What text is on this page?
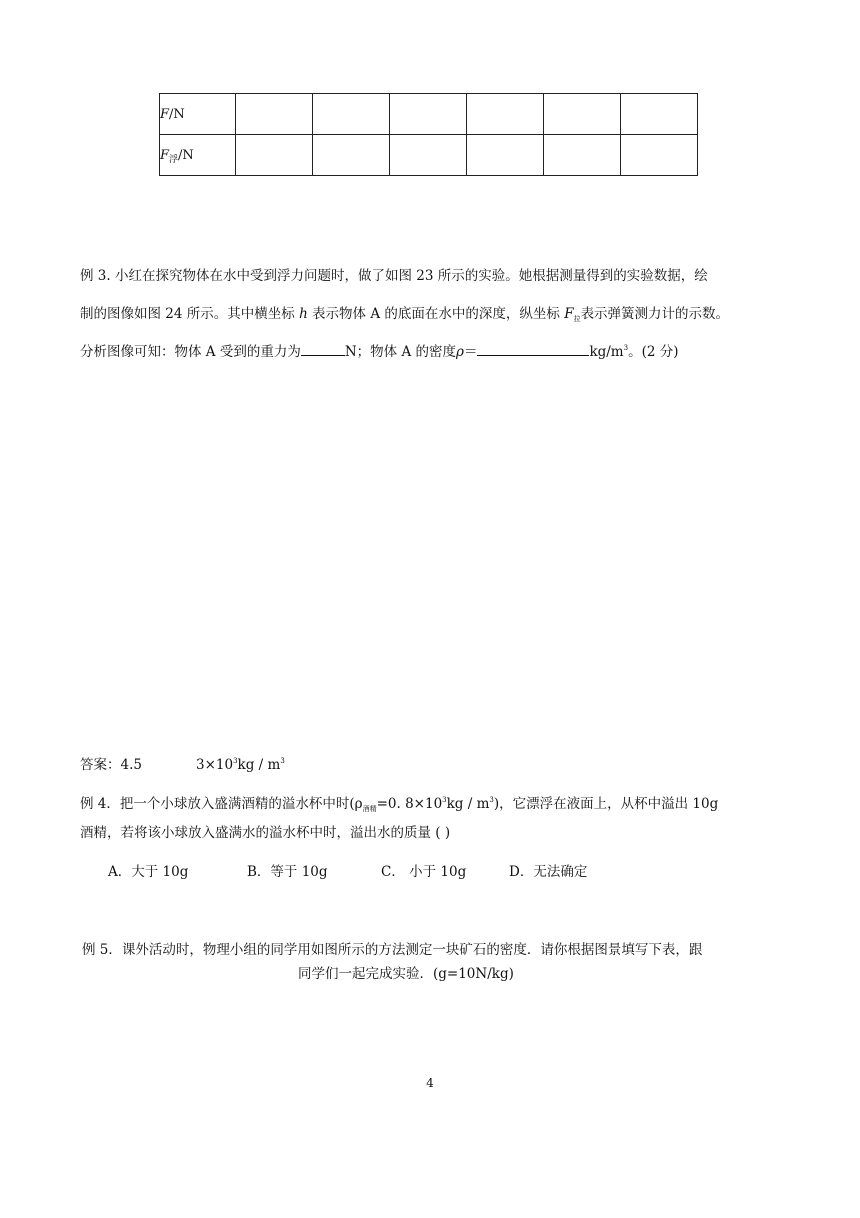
F/N						
$F_浮/N$						
例 3. 小红在探究物体在水中受到浮力问题时，做了如图 23 所示的实验。她根据测量得到的实验数据，绘
制的图像如图 24 所示。其中横坐标 h 表示物体 A 的底面在水中的深度，纵坐标 $F_拉$表示弹簧测力计的示数。
分析图像可知：物体 A 受到的重力为	N；物体 A 的密度ρ＝	$kg/m^3$。(2 分)
答案：4.5	$3\times 10^3kg / m^3$
例 4．把一个小球放入盛满酒精的溢水杯中时($\rho_{酒精}=0$. $8\times 10^3kg / m^3$)，它漂浮在液面上，从杯中溢出 10g
酒精，若将该小球放入盛满水的溢水杯中时，溢出水的质量 ( )
A．大于 10g	B．等于 10g	C． 小于 10g	D．无法确定
例 5．课外活动时，物理小组的同学用如图所示的方法测定一块矿石的密度．请你根据图景填写下表，跟
同学们一起完成实验．(g=10N/kg)
4
